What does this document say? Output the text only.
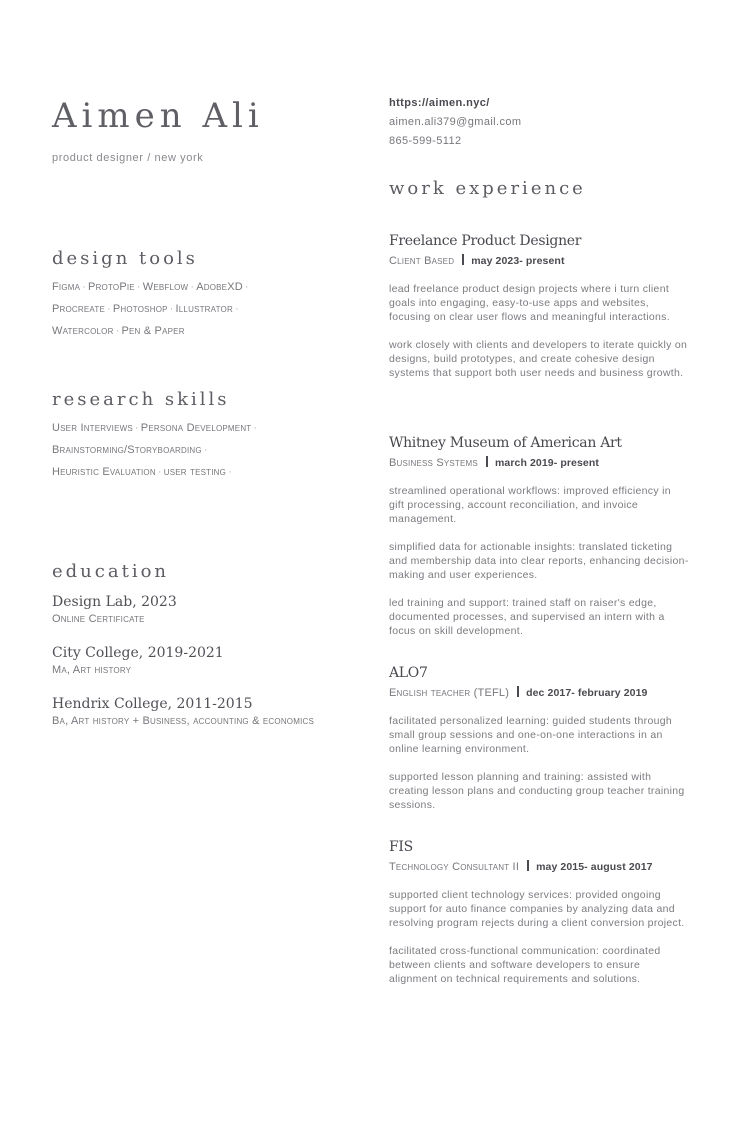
Aimen Ali

product designer / new york

design tools
Figma · ProtoPie · Webflow · AdobeXD ·
Procreate · Photoshop · Illustrator ·
Watercolor · Pen & Paper
research skills
User Interviews · Persona Development ·
Brainstorming/Storyboarding ·
Heuristic Evaluation · user testing ·
education
Design Lab, 2023
Online Certificate
City College, 2019-2021
Ma, Art history
Hendrix College, 2011-2015
Ba, Art history + Business, accounting & economics
https://aimen.nyc/
aimen.ali379@gmail.com
865-599-5112
work experience
Freelance Product Designer
Client Based may 2023- present

lead freelance product design projects where i turn client goals into engaging, easy-to-use apps and websites, focusing on clear user flows and meaningful interactions.

work closely with clients and developers to iterate quickly on designs, build prototypes, and create cohesive design systems that support both user needs and business growth.

Whitney Museum of American Art
Business Systems march 2019- present

streamlined operational workflows: improved efficiency in gift processing, account reconciliation, and invoice management.

simplified data for actionable insights: translated ticketing and membership data into clear reports, enhancing decision-making and user experiences.

led training and support: trained staff on raiser's edge, documented processes, and supervised an intern with a focus on skill development.

ALO7
English teacher (TEFL) dec 2017- february 2019

facilitated personalized learning: guided students through small group sessions and one-on-one interactions in an online learning environment.

supported lesson planning and training: assisted with creating lesson plans and conducting group teacher training sessions.

FIS
Technology Consultant II may 2015- august 2017

supported client technology services: provided ongoing support for auto finance companies by analyzing data and resolving program rejects during a client conversion project.

facilitated cross-functional communication: coordinated between clients and software developers to ensure alignment on technical requirements and solutions.
